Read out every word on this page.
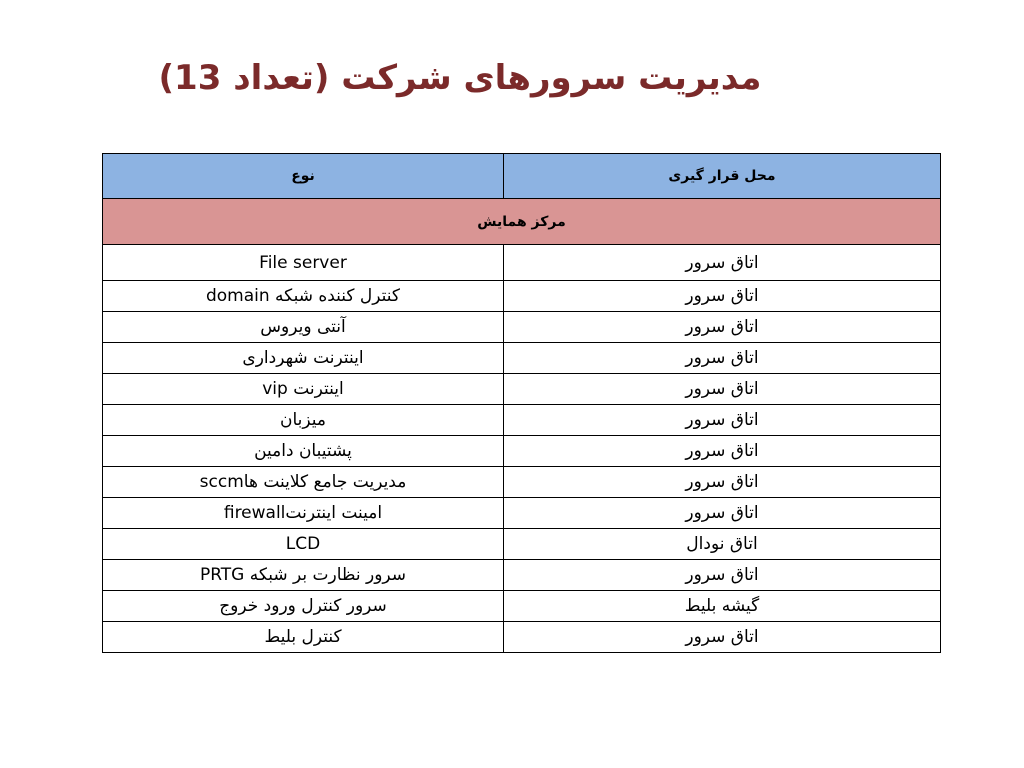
مدیریت سرورهای شرکت (تعداد 13)
محل قرار گیری	نوع
مرکز همایش	
اتاق سرور	File server
اتاق سرور	کنترل کننده شبکه domain
اتاق سرور	آنتی ویروس
اتاق سرور	اینترنت شهرداری
اتاق سرور	اینترنت vip
اتاق سرور	میزبان
اتاق سرور	پشتیبان دامین
اتاق سرور	مدیریت جامع کلاینت هاsccm
اتاق سرور	امینت اینترنتfirewall
اتاق نودال	LCD
اتاق سرور	سرور نظارت بر شبکه PRTG
گیشه بلیط	سرور کنترل ورود خروج
اتاق سرور	کنترل بلیط
